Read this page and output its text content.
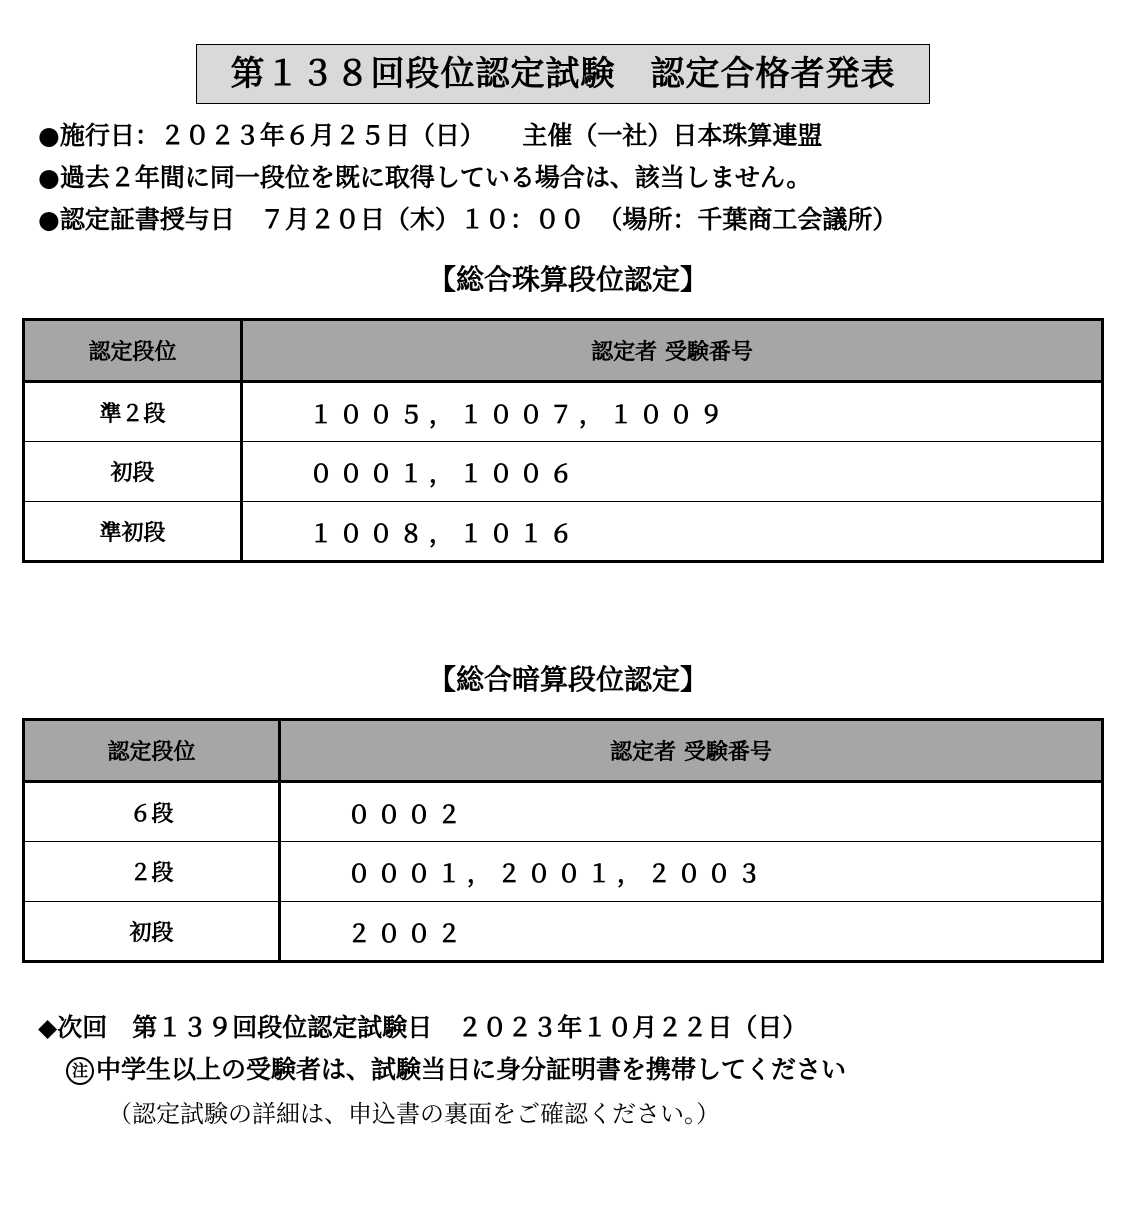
第１３８回段位認定試験　認定合格者発表
●施行日：２０２３年６月２５日（日）　　主催（一社）日本珠算連盟
●過去２年間に同一段位を既に取得している場合は、該当しません。
●認定証書授与日　７月２０日（木）１０：００　（場所：千葉商工会議所）
【総合珠算段位認定】
認定段位	認定者 受験番号
準２段	１００５，１００７，１００９
初段	０００１，１００６
準初段	１００８，１０１６
【総合暗算段位認定】
認定段位	認定者 受験番号
６段	０００２
２段	０００１，２００１，２００３
初段	２００２
◆次回　第１３９回段位認定試験日　２０２３年１０月２２日（日）
注 中学生以上の受験者は、試験当日に身分証明書を携帯してください
（認定試験の詳細は、申込書の裏面をご確認ください。）
